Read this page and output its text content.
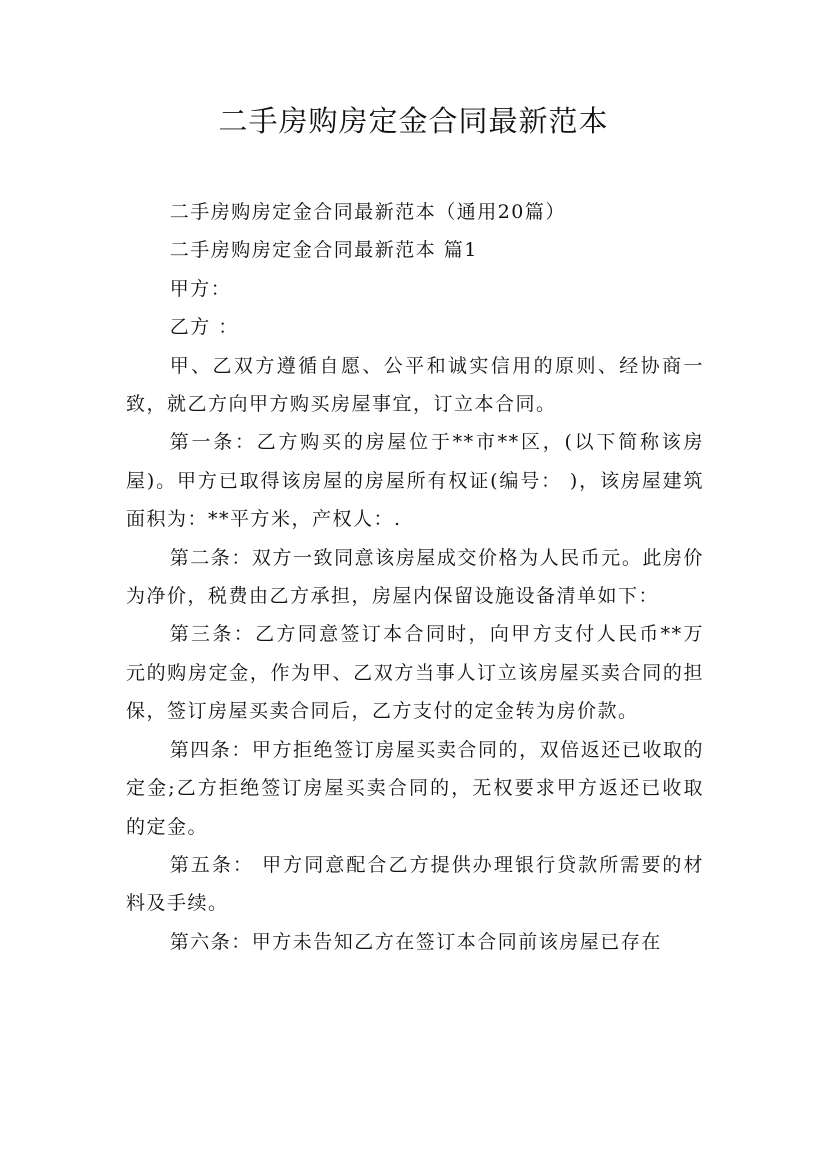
二手房购房定金合同最新范本

二手房购房定金合同最新范本（通用20篇）

二手房购房定金合同最新范本 篇1

甲方：

乙方 ：

甲、乙双方遵循自愿、公平和诚实信用的原则、经协商一致，就乙方向甲方购买房屋事宜，订立本合同。

第一条：乙方购买的房屋位于**市**区，(以下简称该房屋)。甲方已取得该房屋的房屋所有权证(编号： )，该房屋建筑面积为：**平方米，产权人：.

第二条：双方一致同意该房屋成交价格为人民币元。此房价为净价，税费由乙方承担，房屋内保留设施设备清单如下：

第三条：乙方同意签订本合同时，向甲方支付人民币**万元的购房定金，作为甲、乙双方当事人订立该房屋买卖合同的担保，签订房屋买卖合同后，乙方支付的定金转为房价款。

第四条：甲方拒绝签订房屋买卖合同的，双倍返还已收取的定金;乙方拒绝签订房屋买卖合同的，无权要求甲方返还已收取的定金。

第五条： 甲方同意配合乙方提供办理银行贷款所需要的材料及手续。

第六条：甲方未告知乙方在签订本合同前该房屋已存在
